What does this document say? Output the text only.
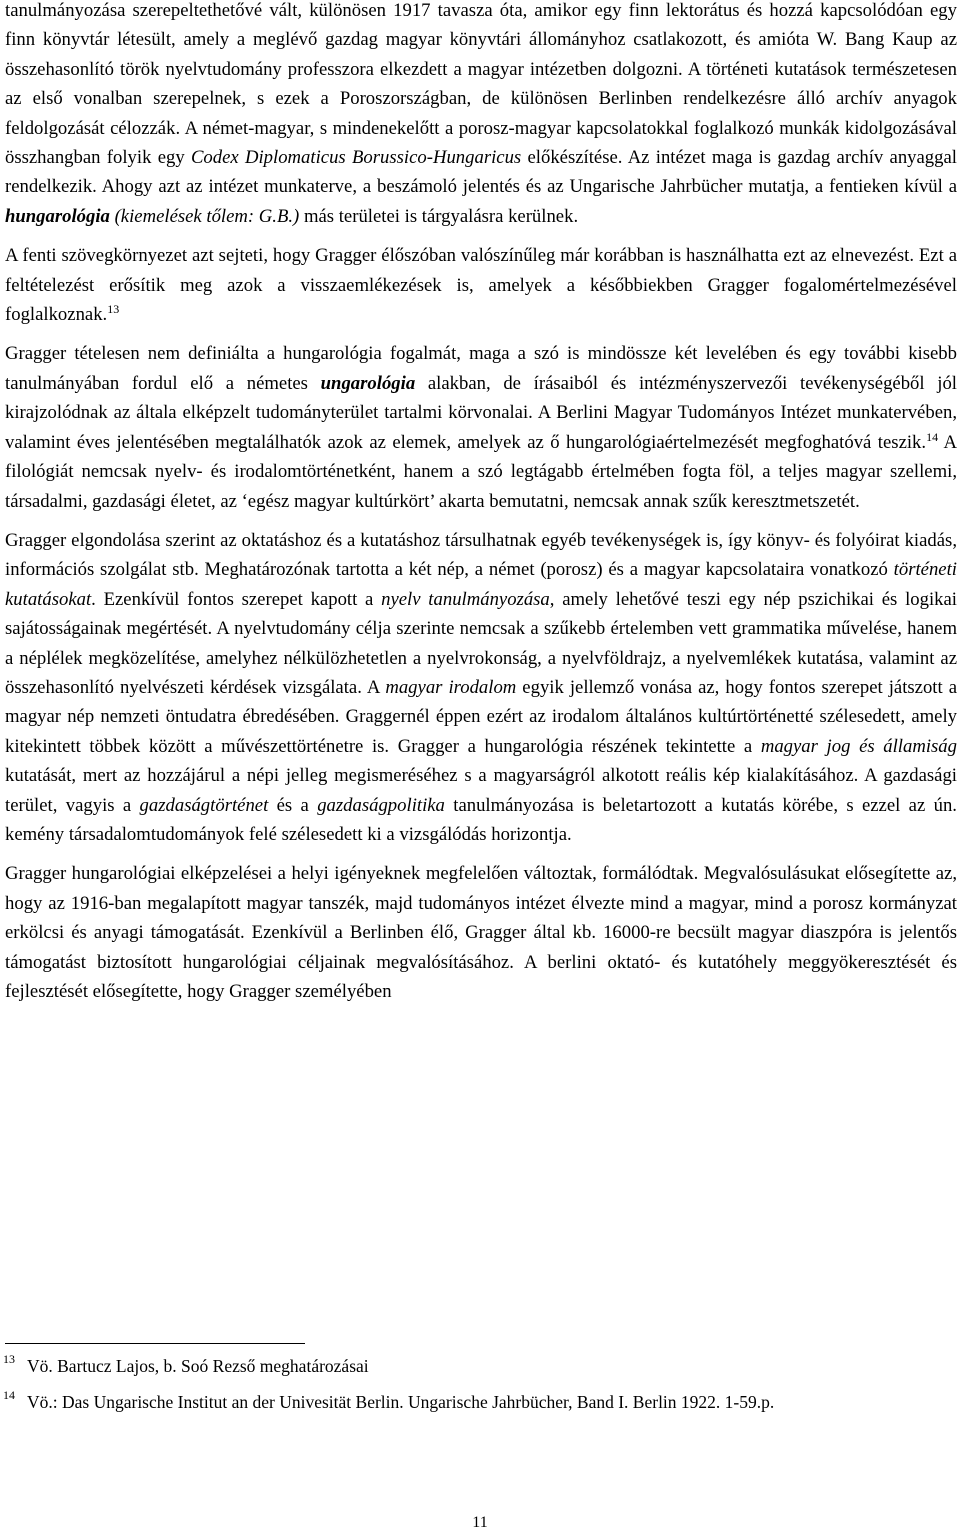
tanulmányozása szerepeltethetővé vált, különösen 1917 tavasza óta, amikor egy finn lektorátus és hozzá kapcsolódóan egy finn könyvtár létesült, amely a meglévő gazdag magyar könyvtári állományhoz csatlakozott, és amióta W. Bang Kaup az összehasonlító török nyelvtudomány professzora elkezdett a magyar intézetben dolgozni. A történeti kutatások természetesen az első vonalban szerepelnek, s ezek a Poroszországban, de különösen Berlinben rendelkezésre álló archív anyagok feldolgozását célozzák. A német-magyar, s mindenekelőtt a porosz-magyar kapcsolatokkal foglalkozó munkák kidolgozásával összhangban folyik egy Codex Diplomaticus Borussico-Hungaricus előkészítése. Az intézet maga is gazdag archív anyaggal rendelkezik. Ahogy azt az intézet munkaterve, a beszámoló jelentés és az Ungarische Jahrbücher mutatja, a fentieken kívül a hungarológia (kiemelések tőlem: G.B.) más területei is tárgyalásra kerülnek.

A fenti szövegkörnyezet azt sejteti, hogy Gragger élőszóban valószínűleg már korábban is használhatta ezt az elnevezést. Ezt a feltételezést erősítik meg azok a visszaemlékezések is, amelyek a későbbiekben Gragger fogalomértelmezésével foglalkoznak.$^{13}$

Gragger tételesen nem definiálta a hungarológia fogalmát, maga a szó is mindössze két levelében és egy további kisebb tanulmányában fordul elő a németes ungarológia alakban, de írásaiból és intézményszervezői tevékenységéből jól kirajzolódnak az általa elképzelt tudományterület tartalmi körvonalai. A Berlini Magyar Tudományos Intézet munkatervében, valamint éves jelentésében megtalálhatók azok az elemek, amelyek az ő hungarológiaértelmezését megfoghatóvá teszik.$^{14}$ A filológiát nemcsak nyelv- és irodalomtörténetként, hanem a szó legtágabb értelmében fogta föl, a teljes magyar szellemi, társadalmi, gazdasági életet, az ‘egész magyar kultúrkört’ akarta bemutatni, nemcsak annak szűk keresztmetszetét.

Gragger elgondolása szerint az oktatáshoz és a kutatáshoz társulhatnak egyéb tevékenységek is, így könyv- és folyóirat kiadás, információs szolgálat stb. Meghatározónak tartotta a két nép, a német (porosz) és a magyar kapcsolataira vonatkozó történeti kutatásokat. Ezenkívül fontos szerepet kapott a nyelv tanulmányozása, amely lehetővé teszi egy nép pszichikai és logikai sajátosságainak megértését. A nyelvtudomány célja szerinte nemcsak a szűkebb értelemben vett grammatika művelése, hanem a néplélek megközelítése, amelyhez nélkülözhetetlen a nyelvrokonság, a nyelvföldrajz, a nyelvemlékek kutatása, valamint az összehasonlító nyelvészeti kérdések vizsgálata. A magyar irodalom egyik jellemző vonása az, hogy fontos szerepet játszott a magyar nép nemzeti öntudatra ébredésében. Graggernél éppen ezért az irodalom általános kultúrtörténetté szélesedett, amely kitekintett többek között a művészettörténetre is. Gragger a hungarológia részének tekintette a magyar jog és államiság kutatását, mert az hozzájárul a népi jelleg megismeréséhez s a magyarságról alkotott reális kép kialakításához. A gazdasági terület, vagyis a gazdaságtörténet és a gazdaságpolitika tanulmányozása is beletartozott a kutatás körébe, s ezzel az ún. kemény társadalomtudományok felé szélesedett ki a vizsgálódás horizontja.

Gragger hungarológiai elképzelései a helyi igényeknek megfelelően változtak, formálódtak. Megvalósulásukat elősegítette az, hogy az 1916-ban megalapított magyar tanszék, majd tudományos intézet élvezte mind a magyar, mind a porosz kormányzat erkölcsi és anyagi támogatását. Ezenkívül a Berlinben élő, Gragger által kb. 16000-re becsült magyar diaszpóra is jelentős támogatást biztosított hungarológiai céljainak megvalósításához. A berlini oktató- és kutatóhely meggyökeresztését és fejlesztését elősegítette, hogy Gragger személyében

13 Vö. Bartucz Lajos, b. Soó Rezső meghatározásai

14 Vö.: Das Ungarische Institut an der Univesität Berlin. Ungarische Jahrbücher, Band I. Berlin 1922. 1-59.p.

11
